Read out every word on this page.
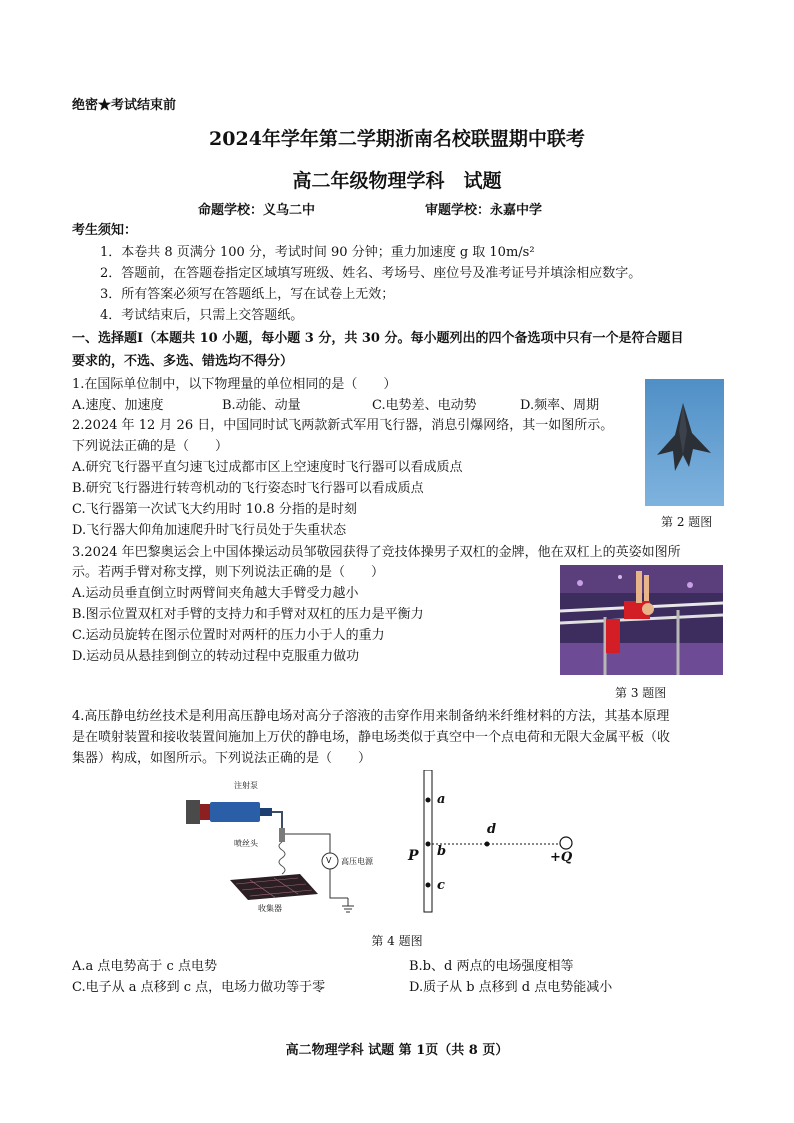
绝密★考试结束前
2024年学年第二学期浙南名校联盟期中联考
高二年级物理学科　试题
命题学校：义乌二中	审题学校：永嘉中学
考生须知：
1．本卷共 8 页满分 100 分，考试时间 90 分钟；重力加速度 g 取 10m/s²
2．答题前，在答题卷指定区域填写班级、姓名、考场号、座位号及准考证号并填涂相应数字。
3．所有答案必须写在答题纸上，写在试卷上无效；
4．考试结束后，只需上交答题纸。
一、选择题Ⅰ（本题共 10 小题，每小题 3 分，共 30 分。每小题列出的四个备选项中只有一个是符合题目
要求的，不选、多选、错选均不得分）
1.在国际单位制中，以下物理量的单位相同的是（　　）
A.速度、加速度	B.动能、动量	C.电势差、电动势	D.频率、周期
2.2024 年 12 月 26 日，中国同时试飞两款新式军用飞行器，消息引爆网络，其一如图所示。
下列说法正确的是（　　）
A.研究飞行器平直匀速飞过成都市区上空速度时飞行器可以看成质点
B.研究飞行器进行转弯机动的飞行姿态时飞行器可以看成质点
C.飞行器第一次试飞大约用时 10.8 分指的是时刻
D.飞行器大仰角加速爬升时飞行员处于失重状态
第 2 题图
3.2024 年巴黎奥运会上中国体操运动员邹敬园获得了竞技体操男子双杠的金牌，他在双杠上的英姿如图所
示。若两手臂对称支撑，则下列说法正确的是（　　）
A.运动员垂直倒立时两臂间夹角越大手臂受力越小
B.图示位置双杠对手臂的支持力和手臂对双杠的压力是平衡力
C.运动员旋转在图示位置时对两杆的压力小于人的重力
D.运动员从悬挂到倒立的转动过程中克服重力做功
第 3 题图
4.高压静电纺丝技术是利用高压静电场对高分子溶液的击穿作用来制备纳米纤维材料的方法，其基本原理
是在喷射装置和接收装置间施加上万伏的静电场，静电场类似于真空中一个点电荷和无限大金属平板（收
集器）构成，如图所示。下列说法正确的是（　　）
注射泵
喷丝头
V 高压电源
收集器
a
b
c
d
P	+Q
第 4 题图
A.a 点电势高于 c 点电势	B.b、d 两点的电场强度相等
C.电子从 a 点移到 c 点，电场力做功等于零	D.质子从 b 点移到 d 点电势能减小
高二物理学科 试题 第 1页（共 8 页）
